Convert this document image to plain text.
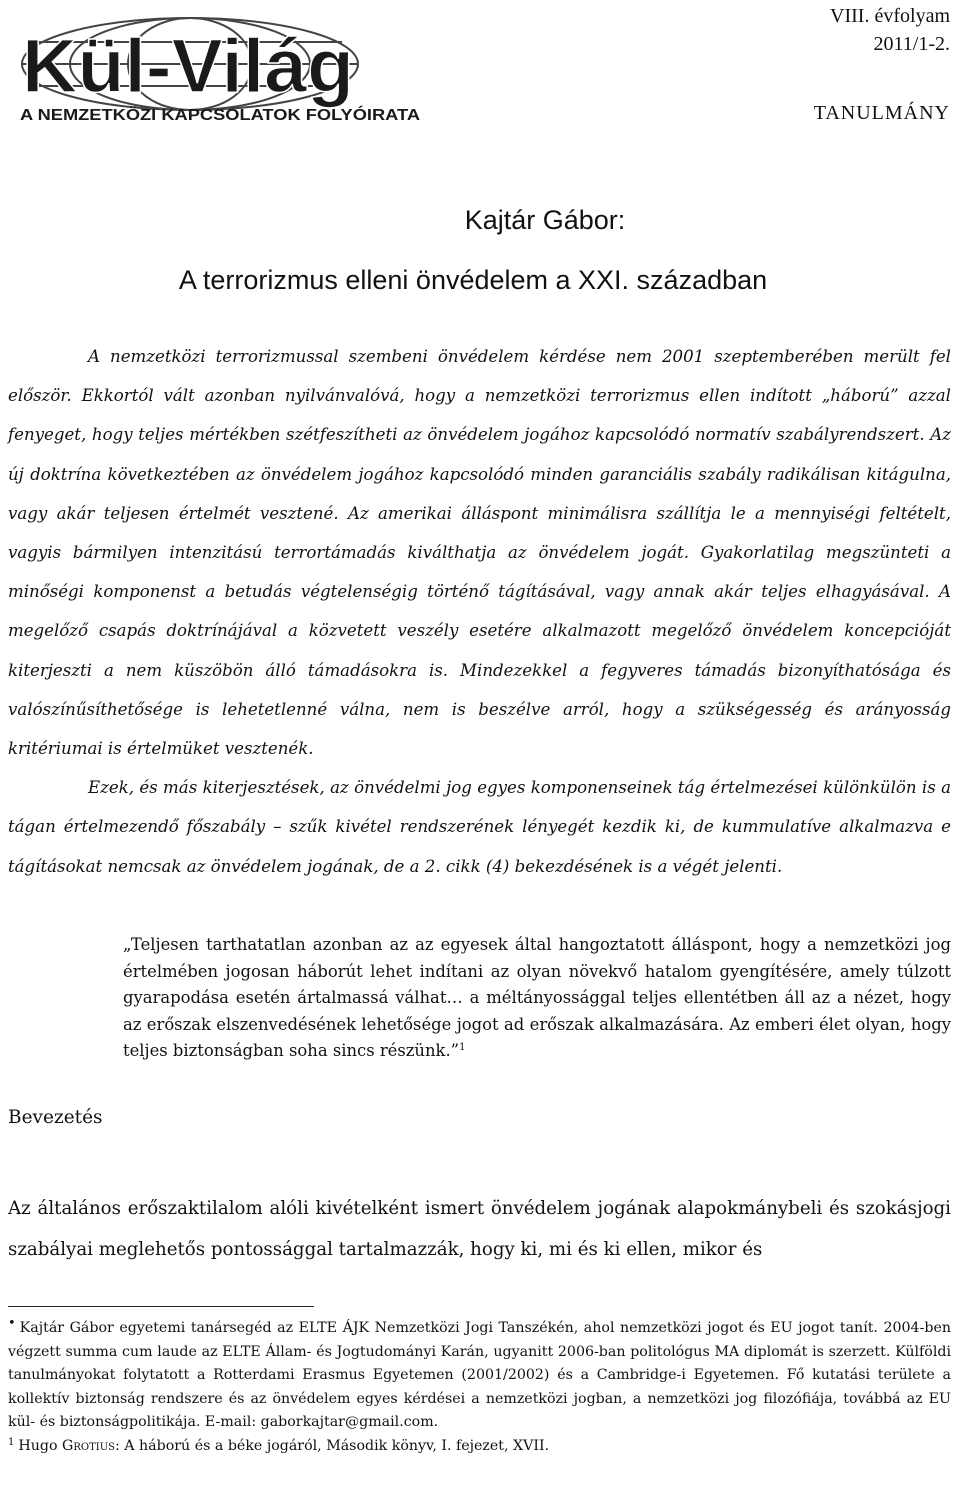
Kül-Világ
A NEMZETKÖZI KAPCSOLATOK FOLYÓIRATA
VIII. évfolyam
2011/1-2.
TANULMÁNY
Kajtár Gábor:
A terrorizmus elleni önvédelem a XXI. században

A nemzetközi terrorizmussal szembeni önvédelem kérdése nem 2001 szeptemberében merült fel először. Ekkortól vált azonban nyilvánvalóvá, hogy a nemzetközi terrorizmus ellen indított „háború” azzal fenyeget, hogy teljes mértékben szétfeszítheti az önvédelem jogához kapcsolódó normatív szabályrendszert. Az új doktrína következtében az önvédelem jogához kapcsolódó minden garanciális szabály radikálisan kitágulna, vagy akár teljesen értelmét vesztené. Az amerikai álláspont minimálisra szállítja le a mennyiségi feltételt, vagyis bármilyen intenzitású terrortámadás kiválthatja az önvédelem jogát. Gyakorlatilag megszünteti a minőségi komponenst a betudás végtelenségig történő tágításával, vagy annak akár teljes elhagyásával. A megelőző csapás doktrínájával a közvetett veszély esetére alkalmazott megelőző önvédelem koncepcióját kiterjeszti a nem küszöbön álló támadásokra is. Mindezekkel a fegyveres támadás bizonyíthatósága és valószínűsíthetősége is lehetetlenné válna, nem is beszélve arról, hogy a szükségesség és arányosság kritériumai is értelmüket vesztenék.

Ezek, és más kiterjesztések, az önvédelmi jog egyes komponenseinek tág értelmezései különkülön is a tágan értelmezendő főszabály – szűk kivétel rendszerének lényegét kezdik ki, de kummulatíve alkalmazva e tágításokat nemcsak az önvédelem jogának, de a 2. cikk (4) bekezdésének is a végét jelenti.

„Teljesen tarthatatlan azonban az az egyesek által hangoztatott álláspont, hogy a nemzetközi jog értelmében jogosan háborút lehet indítani az olyan növekvő hatalom gyengítésére, amely túlzott gyarapodása esetén ártalmassá válhat… a méltányossággal teljes ellentétben áll az a nézet, hogy az erőszak elszenvedésének lehetősége jogot ad erőszak alkalmazására. Az emberi élet olyan, hogy teljes biztonságban soha sincs részünk.”$^1$
Bevezetés
Az általános erőszaktilalom alóli kivételként ismert önvédelem jogának alapokmánybeli és szokásjogi szabályai meglehetős pontossággal tartalmazzák, hogy ki, mi és ki ellen, mikor és

• Kajtár Gábor egyetemi tanársegéd az ELTE ÁJK Nemzetközi Jogi Tanszékén, ahol nemzetközi jogot és EU jogot tanít. 2004-ben végzett summa cum laude az ELTE Állam- és Jogtudományi Karán, ugyanitt 2006-ban politológus MA diplomát is szerzett. Külföldi tanulmányokat folytatott a Rotterdami Erasmus Egyetemen (2001/2002) és a Cambridge-i Egyetemen. Fő kutatási területe a kollektív biztonság rendszere és az önvédelem egyes kérdései a nemzetközi jogban, a nemzetközi jog filozófiája, továbbá az EU kül- és biztonságpolitikája. E-mail: gaborkajtar@gmail.com.

$^1$ Hugo Grotius: A háború és a béke jogáról, Második könyv, I. fejezet, XVII.
